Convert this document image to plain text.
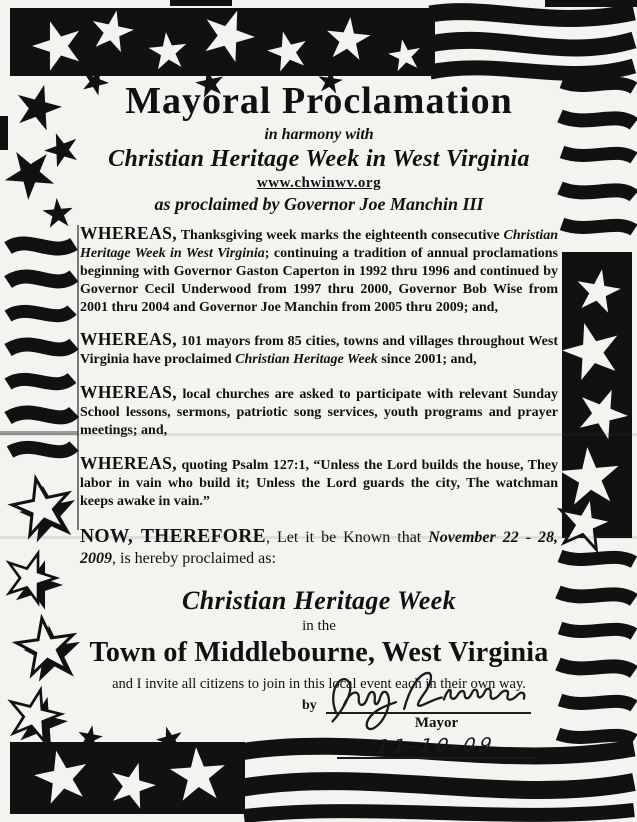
Mayoral Proclamation
in harmony with
Christian Heritage Week in West Virginia
www.chwinwv.org
as proclaimed by Governor Joe Manchin III

WHEREAS, Thanksgiving week marks the eighteenth consecutive Christian Heritage Week in West Virginia; continuing a tradition of annual proclamations beginning with Governor Gaston Caperton in 1992 thru 1996 and continued by Governor Cecil Underwood from 1997 thru 2000, Governor Bob Wise from 2001 thru 2004 and Governor Joe Manchin from 2005 thru 2009; and,

WHEREAS, 101 mayors from 85 cities, towns and villages throughout West Virginia have proclaimed Christian Heritage Week since 2001; and,

WHEREAS, local churches are asked to participate with relevant Sunday School lessons, sermons, patriotic song services, youth programs and prayer meetings; and,

WHEREAS, quoting Psalm 127:1, “Unless the Lord builds the house, They labor in vain who build it; Unless the Lord guards the city, The watchman keeps awake in vain.”

NOW, THEREFORE, Let it be Known that November 22 - 28, 2009, is hereby proclaimed as:

Christian Heritage Week
in the
Town of Middlebourne, West Virginia
and I invite all citizens to join in this local event each in their own way.
by
Mayor
date	11-10-09
